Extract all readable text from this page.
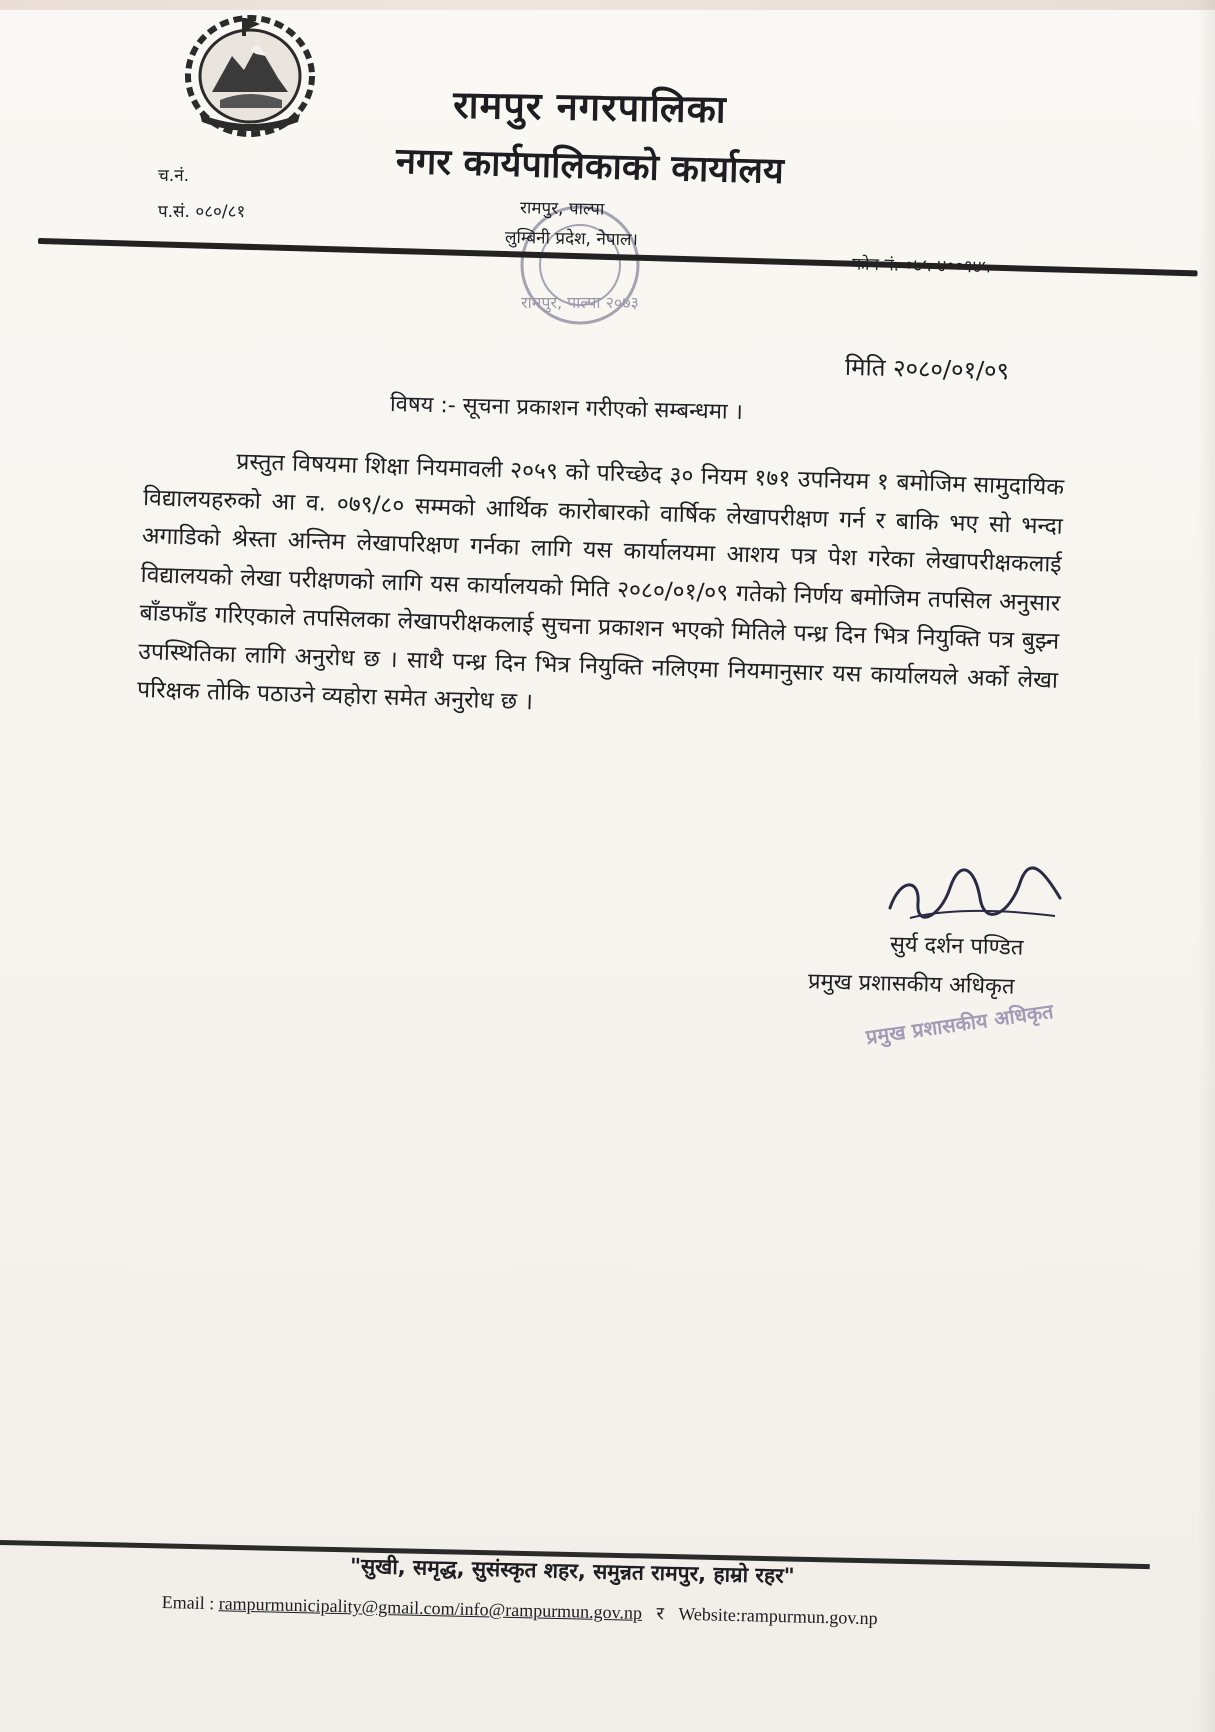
रामपुर नगरपालिका
नगर कार्यपालिकाको कार्यालय
च.नं.
प.सं. ०८०/८१
रामपुर, पाल्पा २०७३
रामपुर, पाल्पा
लुम्बिनी प्रदेश, नेपाल।
मिति २०८०/०१/०९
विषय :- सूचना प्रकाशन गरीएको सम्बन्धमा ।
प्रस्तुत विषयमा शिक्षा नियमावली २०५९ को परिच्छेद ३० नियम १७१ उपनियम १ बमोजिम सामुदायिक विद्यालयहरुको आ व. ०७९/८० सम्मको आर्थिक कारोबारको वार्षिक लेखापरीक्षण गर्न र बाकि भए सो भन्दा अगाडिको श्रेस्ता अन्तिम लेखापरिक्षण गर्नका लागि यस कार्यालयमा आशय पत्र पेश गरेका लेखापरीक्षकलाई विद्यालयको लेखा परीक्षणको लागि यस कार्यालयको मिति २०८०/०१/०९ गतेको निर्णय बमोजिम तपसिल अनुसार बाँडफाँड गरिएकाले तपसिलका लेखापरीक्षकलाई सुचना प्रकाशन भएको मितिले पन्ध्र दिन भित्र नियुक्ति पत्र बुझ्न उपस्थितिका लागि अनुरोध छ । साथै पन्ध्र दिन भित्र नियुक्ति नलिएमा नियमानुसार यस कार्यालयले अर्को लेखा परिक्षक तोकि पठाउने व्यहोरा समेत अनुरोध छ ।
सुर्य दर्शन पण्डित
प्रमुख प्रशासकीय अधिकृत
प्रमुख प्रशासकीय अधिकृत
"सुखी, समृद्ध, सुसंस्कृत शहर, समुन्नत रामपुर, हाम्रो रहर"
Email : rampurmunicipality@gmail.com/info@rampurmun.gov.np र Website:rampurmun.gov.np
